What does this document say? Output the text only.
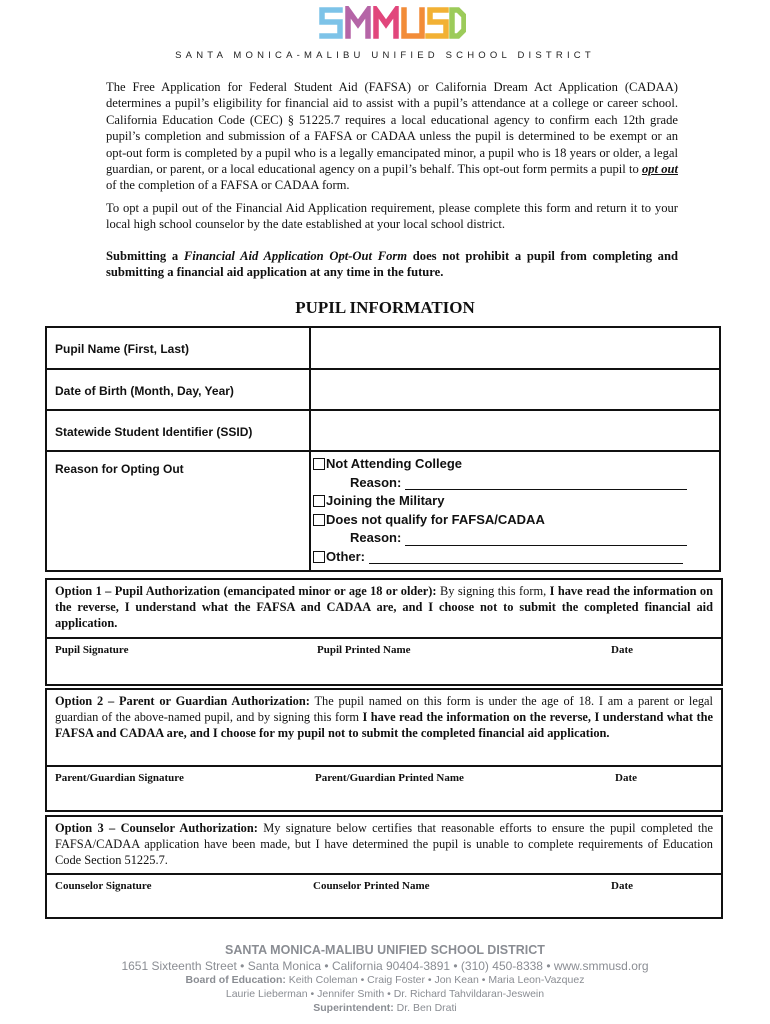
SANTA MONICA-MALIBU UNIFIED SCHOOL DISTRICT
The Free Application for Federal Student Aid (FAFSA) or California Dream Act Application (CADAA) determines a pupil’s eligibility for financial aid to assist with a pupil’s attendance at a college or career school. California Education Code (CEC) § 51225.7 requires a local educational agency to confirm each 12th grade pupil’s completion and submission of a FAFSA or CADAA unless the pupil is determined to be exempt or an opt-out form is completed by a pupil who is a legally emancipated minor, a pupil who is 18 years or older, a legal guardian, or parent, or a local educational agency on a pupil’s behalf. This opt-out form permits a pupil to opt out of the completion of a FAFSA or CADAA form.
To opt a pupil out of the Financial Aid Application requirement, please complete this form and return it to your local high school counselor by the date established at your local school district.
Submitting a Financial Aid Application Opt-Out Form does not prohibit a pupil from completing and submitting a financial aid application at any time in the future.
PUPIL INFORMATION
Pupil Name (First, Last)
Date of Birth (Month, Day, Year)
Statewide Student Identifier (SSID)
Reason for Opting Out	Not Attending College
Reason:
Joining the Military
Does not qualify for FAFSA/CADAA
Reason:
Other:
Option 1 – Pupil Authorization (emancipated minor or age 18 or older): By signing this form, I have read the information on the reverse, I understand what the FAFSA and CADAA are, and I choose not to submit the completed financial aid application.
Pupil Signature	Pupil Printed Name	Date
Option 2 – Parent or Guardian Authorization: The pupil named on this form is under the age of 18. I am a parent or legal guardian of the above-named pupil, and by signing this form I have read the information on the reverse, I understand what the FAFSA and CADAA are, and I choose for my pupil not to submit the completed financial aid application.
Parent/Guardian Signature	Parent/Guardian Printed Name	Date
Option 3 – Counselor Authorization: My signature below certifies that reasonable efforts to ensure the pupil completed the FAFSA/CADAA application have been made, but I have determined the pupil is unable to complete requirements of Education Code Section 51225.7.
Counselor Signature	Counselor Printed Name	Date
SANTA MONICA-MALIBU UNIFIED SCHOOL DISTRICT
1651 Sixteenth Street • Santa Monica • California 90404-3891 • (310) 450-8338 • www.smmusd.org
Board of Education: Keith Coleman • Craig Foster • Jon Kean • Maria Leon-Vazquez
Laurie Lieberman • Jennifer Smith • Dr. Richard Tahvildaran-Jeswein
Superintendent: Dr. Ben Drati
